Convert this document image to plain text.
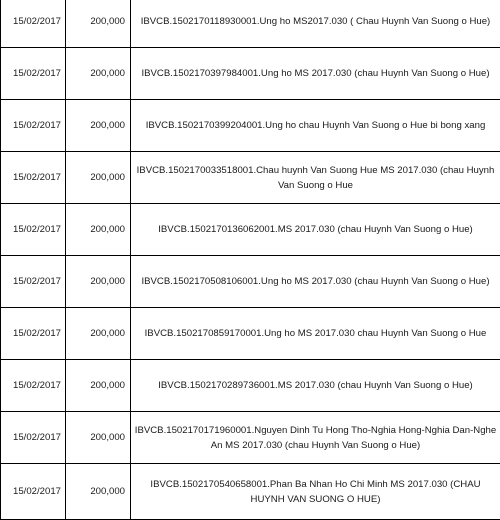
15/02/2017	200,000	IBVCB.1502170118930001.Ung ho MS2017.030 ( Chau Huynh Van Suong o Hue)
15/02/2017	200,000	IBVCB.1502170397984001.Ung ho MS 2017.030 (chau Huynh Van Suong o Hue)
15/02/2017	200,000	IBVCB.1502170399204001.Ung ho chau Huynh Van Suong o Hue bi bong xang
15/02/2017	200,000	IBVCB.1502170033518001.Chau huynh Van Suong Hue MS 2017.030 (chau Huynh Van Suong o Hue
15/02/2017	200,000	IBVCB.1502170136062001.MS 2017.030 (chau Huynh Van Suong o Hue)
15/02/2017	200,000	IBVCB.1502170508106001.Ung ho MS 2017.030 (chau Huynh Van Suong o Hue)
15/02/2017	200,000	IBVCB.1502170859170001.Ung ho MS 2017.030 chau Huynh Van Suong o Hue
15/02/2017	200,000	IBVCB.1502170289736001.MS 2017.030 (chau Huynh Van Suong o Hue)
15/02/2017	200,000	IBVCB.1502170171960001.Nguyen Dinh Tu Hong Tho-Nghia Hong-Nghia Dan-Nghe An MS 2017.030 (chau Huynh Van Suong o Hue)
15/02/2017	200,000	IBVCB.1502170540658001.Phan Ba Nhan Ho Chi Minh MS 2017.030 (CHAU HUYNH VAN SUONG O HUE)
